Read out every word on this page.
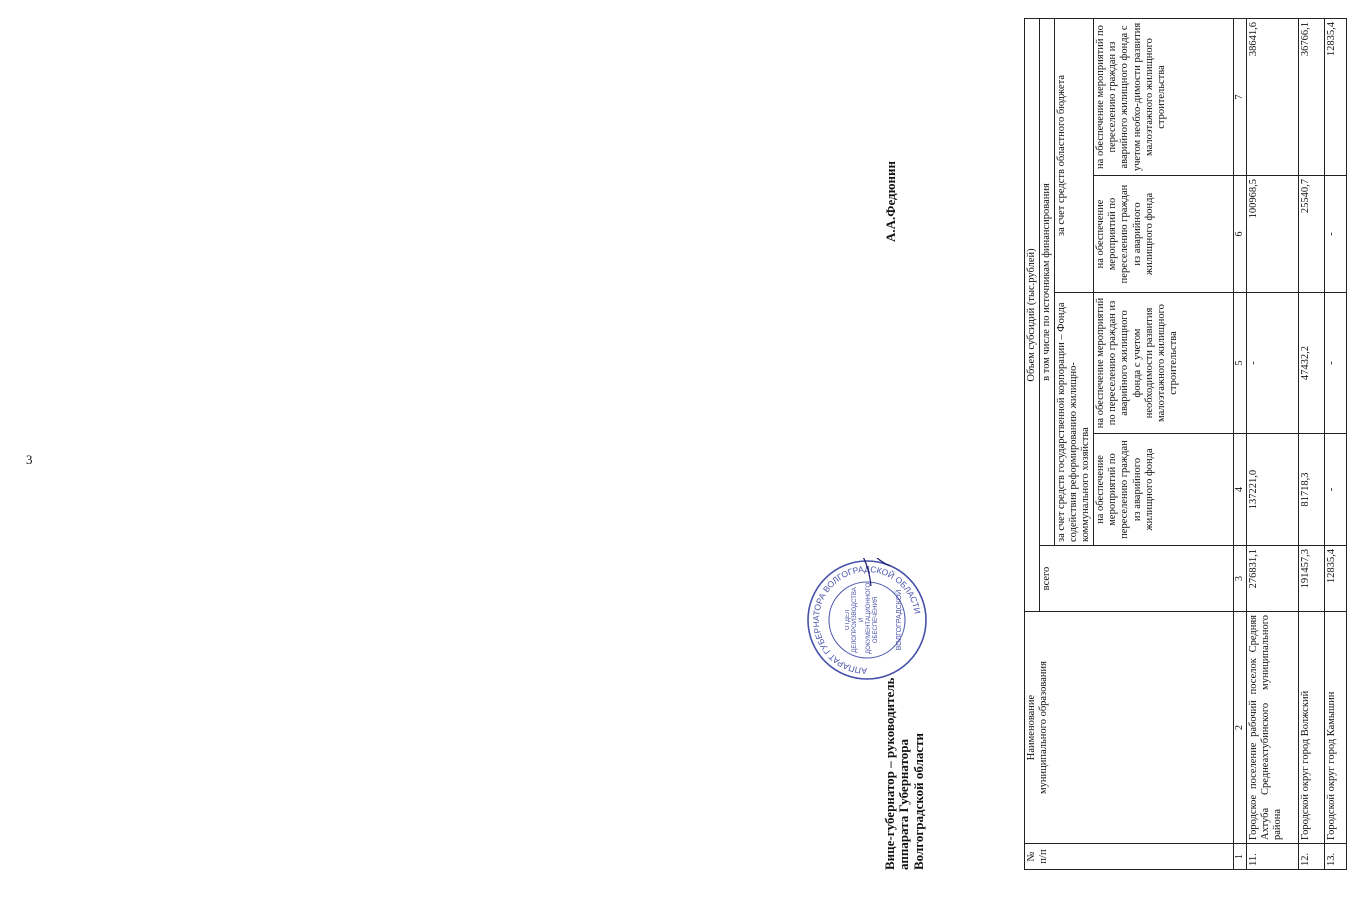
3
№
п/п	Наименование
муниципального образования	Объем субсидий (тыс.рублей)				
		всего	в том числе по источникам финансирования			
			за счет средств государственной корпорации – Фонда содействия реформированию жилищно-коммунального хозяйства		за счет средств областного бюджета	
			на обеспечение мероприятий по переселению граждан из аварийного жилищного фонда	на обеспечение мероприятий по переселению граждан из аварийного жилищного фонда с учетом необходимости развития малоэтажного жилищного строительства	на обеспечение мероприятий по переселению граждан из аварийного жилищного фонда	на обеспечение мероприятий по переселению граждан из аварийного жилищного фонда с учетом необхо-димости развития малоэтажного жилищного строительства
1	2	3	4	5	6	7
11.	Городское поселение рабочий поселок Средняя Ахтуба Среднеахтубинского муниципального района	276831,1	137221,0	-	100968,5	38641,6
12.	Городской округ город Волжский	191457,3	81718,3	47432,2	25540,7	36766,1
13.	Городской округ город Камышин	12835,4	-	-	-	12835,4

Вице-губернатор – руководитель
аппарата Губернатора
Волгоградской области

АППАРАТ ГУБЕРНАТОРА ВОЛГОГРАДСКОЙ ОБЛАСТИ
ОТДЕЛ ДЕЛОПРОИЗВОДСТВА И ДОКУМЕНТАЦИОННОГО ОБЕСПЕЧЕНИЯ ВОЛГОГРАДСКОЙ
А.А.Федюнин
